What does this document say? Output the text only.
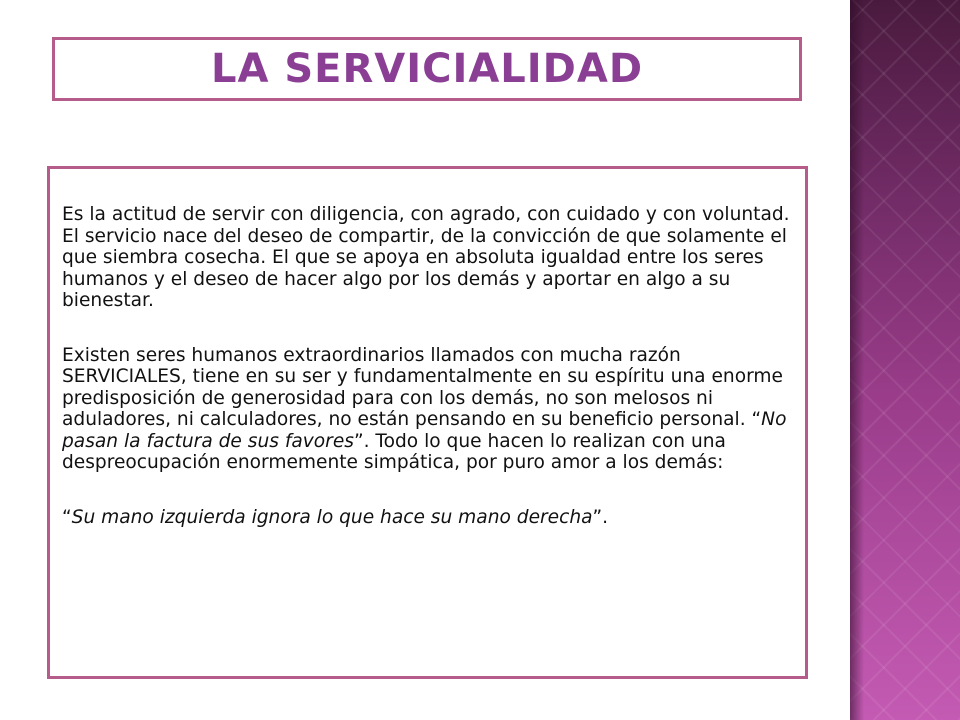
LA SERVICIALIDAD

Es la actitud de servir con diligencia, con agrado, con cuidado y con voluntad. El servicio nace del deseo de compartir, de la convicción de que solamente el que siembra cosecha. El que se apoya en absoluta igualdad entre los seres humanos y el deseo de hacer algo por los demás y aportar en algo a su bienestar.

Existen seres humanos extraordinarios llamados con mucha razón SERVICIALES, tiene en su ser y fundamentalmente en su espíritu una enorme predisposición de generosidad para con los demás, no son melosos ni aduladores, ni calculadores, no están pensando en su beneficio personal. “No pasan la factura de sus favores”. Todo lo que hacen lo realizan con una despreocupación enormemente simpática, por puro amor a los demás:

“Su mano izquierda ignora lo que hace su mano derecha”.
